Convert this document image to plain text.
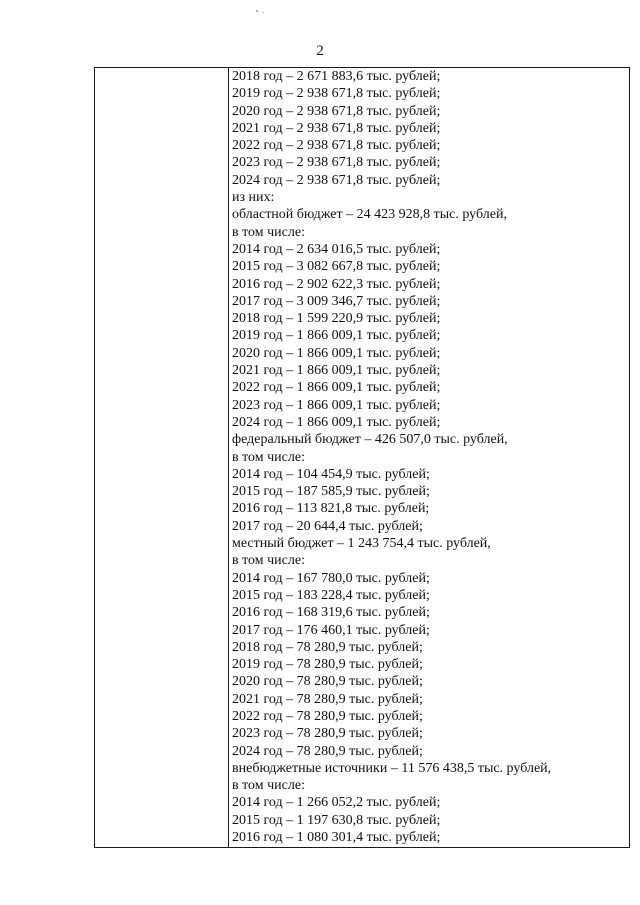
2
2018 год – 2 671 883,6 тыс. рублей;
2019 год – 2 938 671,8 тыс. рублей;
2020 год – 2 938 671,8 тыс. рублей;
2021 год – 2 938 671,8 тыс. рублей;
2022 год – 2 938 671,8 тыс. рублей;
2023 год – 2 938 671,8 тыс. рублей;
2024 год – 2 938 671,8 тыс. рублей;
из них:
областной бюджет – 24 423 928,8 тыс. рублей,
в том числе:
2014 год – 2 634 016,5 тыс. рублей;
2015 год – 3 082 667,8 тыс. рублей;
2016 год – 2 902 622,3 тыс. рублей;
2017 год – 3 009 346,7 тыс. рублей;
2018 год – 1 599 220,9 тыс. рублей;
2019 год – 1 866 009,1 тыс. рублей;
2020 год – 1 866 009,1 тыс. рублей;
2021 год – 1 866 009,1 тыс. рублей;
2022 год – 1 866 009,1 тыс. рублей;
2023 год – 1 866 009,1 тыс. рублей;
2024 год – 1 866 009,1 тыс. рублей;
федеральный бюджет – 426 507,0 тыс. рублей,
в том числе:
2014 год – 104 454,9 тыс. рублей;
2015 год – 187 585,9 тыс. рублей;
2016 год – 113 821,8 тыс. рублей;
2017 год – 20 644,4 тыс. рублей;
местный бюджет – 1 243 754,4 тыс. рублей,
в том числе:
2014 год – 167 780,0 тыс. рублей;
2015 год – 183 228,4 тыс. рублей;
2016 год – 168 319,6 тыс. рублей;
2017 год – 176 460,1 тыс. рублей;
2018 год – 78 280,9 тыс. рублей;
2019 год – 78 280,9 тыс. рублей;
2020 год – 78 280,9 тыс. рублей;
2021 год – 78 280,9 тыс. рублей;
2022 год – 78 280,9 тыс. рублей;
2023 год – 78 280,9 тыс. рублей;
2024 год – 78 280,9 тыс. рублей;
внебюджетные источники – 11 576 438,5 тыс. рублей,
в том числе:
2014 год – 1 266 052,2 тыс. рублей;
2015 год – 1 197 630,8 тыс. рублей;
2016 год – 1 080 301,4 тыс. рублей;
